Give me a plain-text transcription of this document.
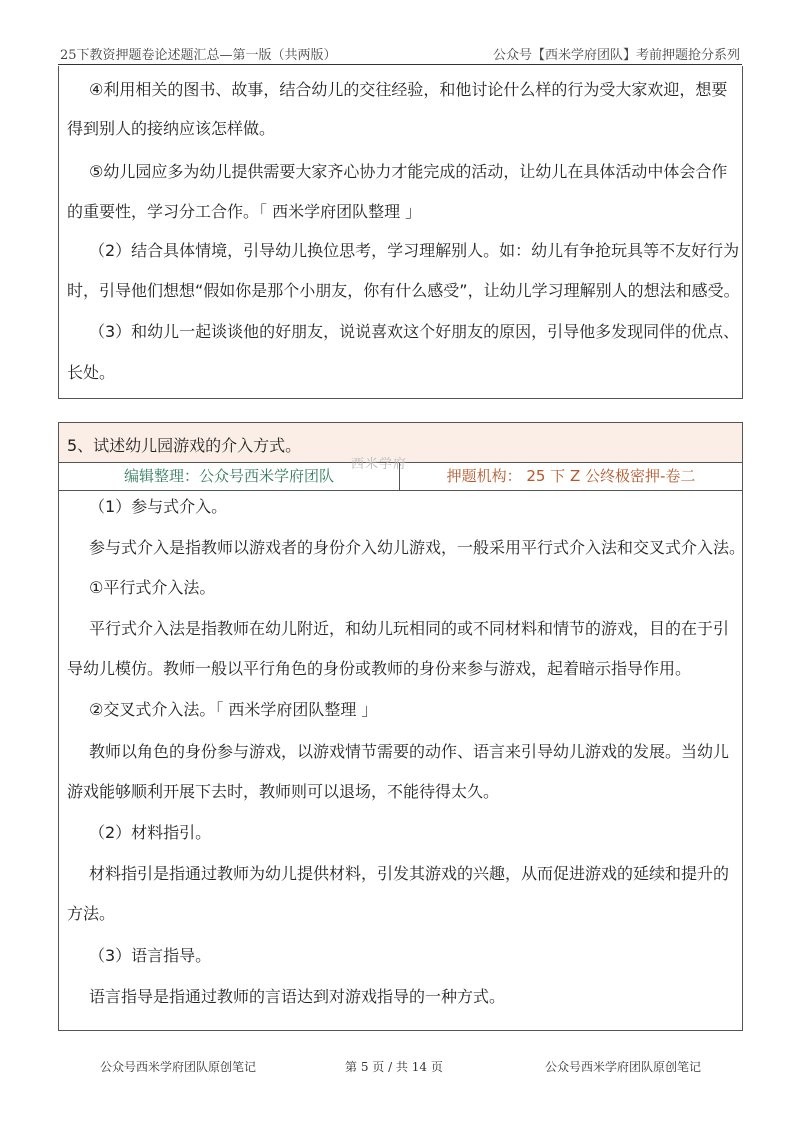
25下教资押题卷论述题汇总—第一版（共两版）	公众号【西米学府团队】考前押题抢分系列
④利用相关的图书、故事，结合幼儿的交往经验，和他讨论什么样的行为受大家欢迎，想要
得到别人的接纳应该怎样做。
⑤幼儿园应多为幼儿提供需要大家齐心协力才能完成的活动，让幼儿在具体活动中体会合作
的重要性，学习分工合作。「 西米学府团队整理 」
（2）结合具体情境，引导幼儿换位思考，学习理解别人。如：幼儿有争抢玩具等不友好行为
时，引导他们想想“假如你是那个小朋友，你有什么感受”，让幼儿学习理解别人的想法和感受。
（3）和幼儿一起谈谈他的好朋友，说说喜欢这个好朋友的原因，引导他多发现同伴的优点、
长处。
5、试述幼儿园游戏的介入方式。
西米学府
编辑整理：公众号西米学府团队	押题机构： 25 下 Z 公终极密押-卷二
（1）参与式介入。
参与式介入是指教师以游戏者的身份介入幼儿游戏，一般采用平行式介入法和交叉式介入法。
①平行式介入法。
平行式介入法是指教师在幼儿附近，和幼儿玩相同的或不同材料和情节的游戏，目的在于引
导幼儿模仿。教师一般以平行角色的身份或教师的身份来参与游戏，起着暗示指导作用。
②交叉式介入法。「 西米学府团队整理 」
教师以角色的身份参与游戏，以游戏情节需要的动作、语言来引导幼儿游戏的发展。当幼儿
游戏能够顺利开展下去时，教师则可以退场，不能待得太久。
（2）材料指引。
材料指引是指通过教师为幼儿提供材料，引发其游戏的兴趣，从而促进游戏的延续和提升的
方法。
（3）语言指导。
语言指导是指通过教师的言语达到对游戏指导的一种方式。
公众号西米学府团队原创笔记	第 5 页 / 共 14 页	公众号西米学府团队原创笔记
